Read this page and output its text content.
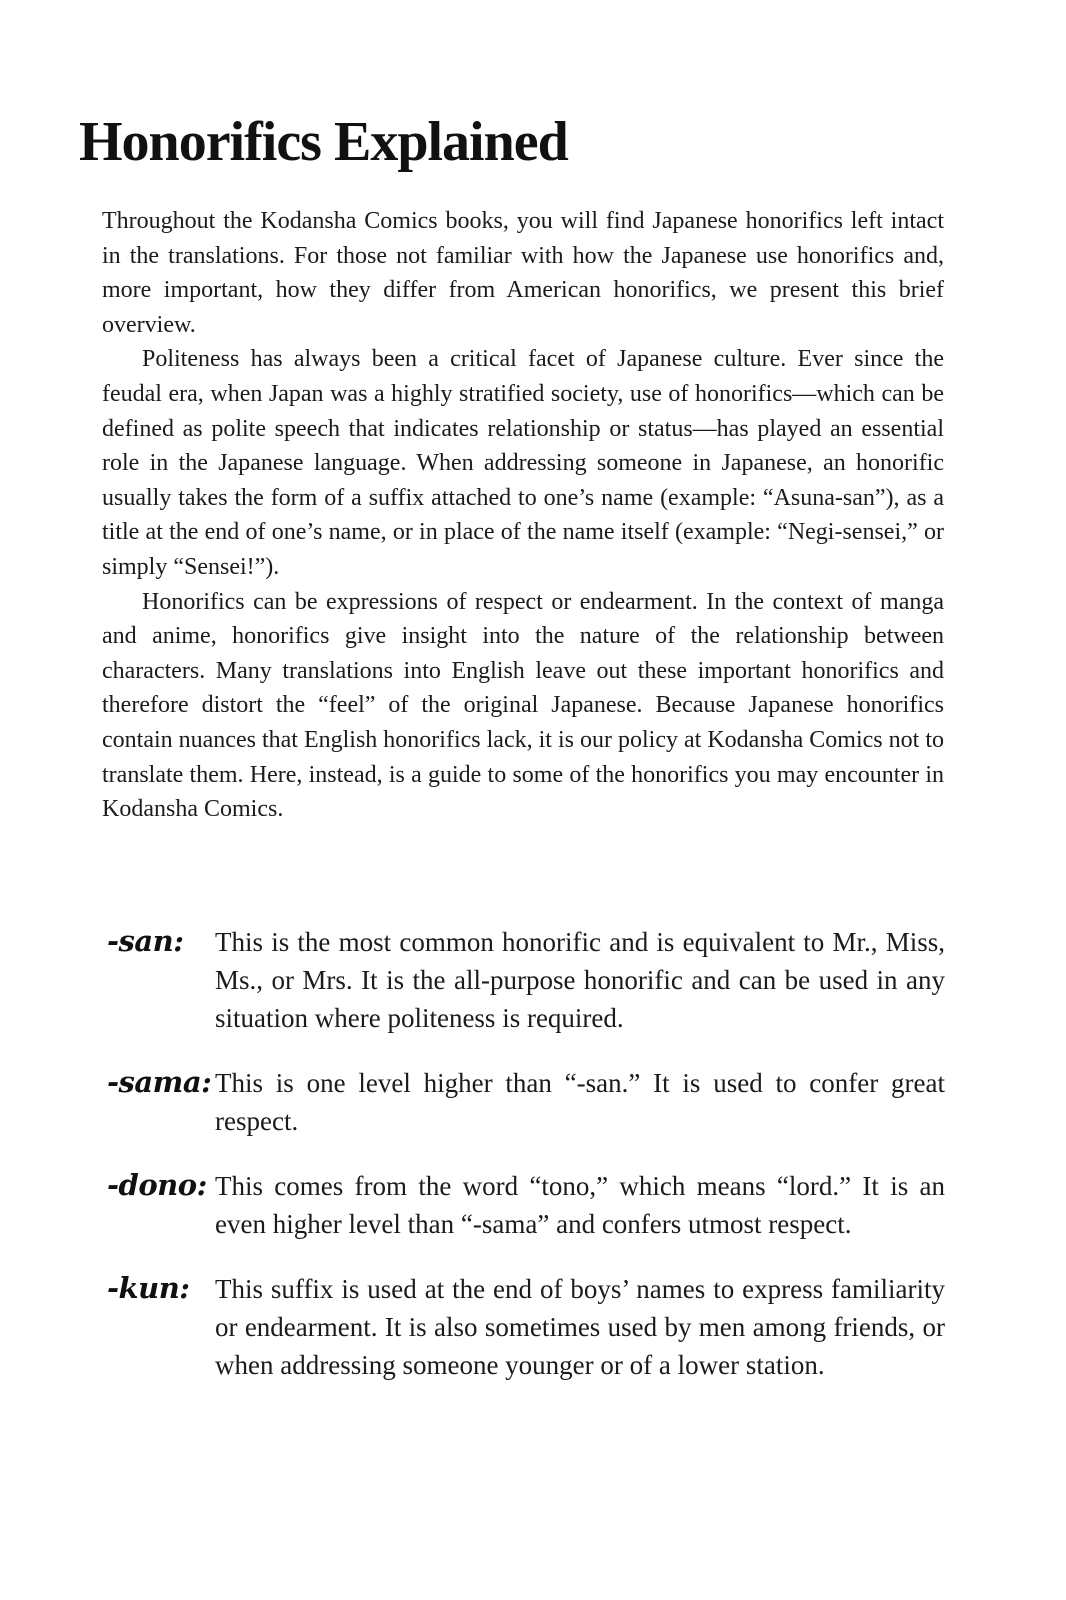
Honorifics Explained

Throughout the Kodansha Comics books, you will find Japanese honorifics left intact in the translations. For those not familiar with how the Japanese use honorifics and, more important, how they differ from American honorifics, we present this brief overview.

Politeness has always been a critical facet of Japanese culture. Ever since the feudal era, when Japan was a highly stratified society, use of honorifics—which can be defined as polite speech that indicates relationship or status—has played an essential role in the Japanese language. When addressing someone in Japanese, an honorific usually takes the form of a suffix attached to one’s name (example: “Asuna-san”), as a title at the end of one’s name, or in place of the name itself (example: “Negi-sensei,” or simply “Sensei!”).

Honorifics can be expressions of respect or endearment. In the context of manga and anime, honorifics give insight into the nature of the relationship between characters. Many translations into English leave out these important honorifics and therefore distort the “feel” of the original Japanese. Because Japanese honorifics contain nuances that English honorifics lack, it is our policy at Kodansha Comics not to translate them. Here, instead, is a guide to some of the honorifics you may encounter in Kodansha Comics.

-san:	This is the most common honorific and is equivalent to Mr., Miss, Ms., or Mrs. It is the all-purpose honorific and can be used in any situation where politeness is required.
-sama: This is one level higher than “-san.” It is used to confer great respect.
-dono: This comes from the word “tono,” which means “lord.” It is an even higher level than “-sama” and confers utmost respect.
-kun: This suffix is used at the end of boys’ names to express familiarity or endearment. It is also sometimes used by men among friends, or when addressing someone younger or of a lower station.
